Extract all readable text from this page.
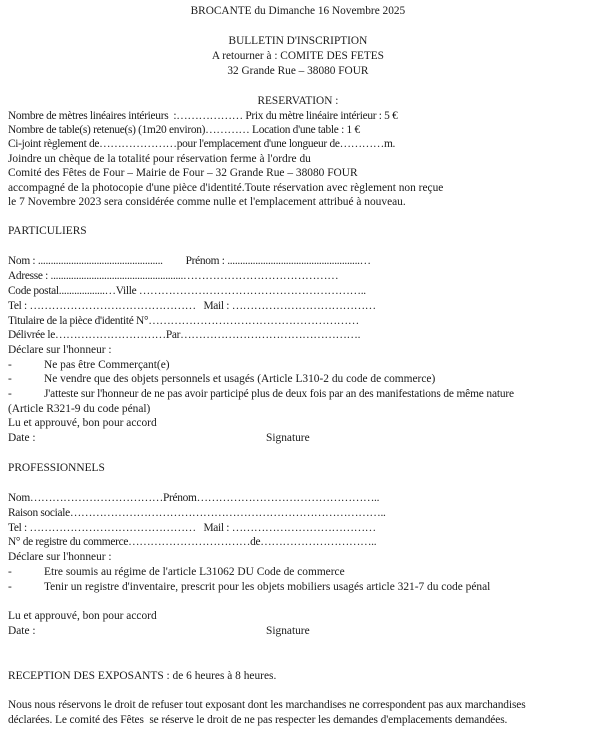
BROCANTE du Dimanche 16 Novembre 2025
BULLETIN D'INSCRIPTION
A retourner à : COMITE DES FETES
32 Grande Rue – 38080 FOUR
RESERVATION :
Nombre de mètres linéaires intérieurs  :……………… Prix du mètre linéaire intérieur : 5 €
Nombre de table(s) retenue(s) (1m20 environ)………… Location d'une table : 1 €
Ci-joint règlement de…………………pour l'emplacement d'une longueur de…………m.
Joindre un chèque de la totalité pour réservation ferme à l'ordre du
Comité des Fêtes de Four – Mairie de Four – 32 Grande Rue – 38080 FOUR
accompagné de la photocopie d'une pièce d'identité.Toute réservation avec règlement non reçue
le 7 Novembre 2023 sera considérée comme nulle et l'emplacement attribué à nouveau.
PARTICULIERS
Nom : .................................................         Prénom : ....................................................…
Adresse : ....................................................……………………………………
Code postal..................…Ville ……………………………………………………..
Tel : ………………………………………   Mail : …………………………………
Titulaire de la pièce d'identité N°…………………………………………………
Délivrée le…………………………Par………………………………………….
Déclare sur l'honneur :
-	Ne pas être Commerçant(e)
-	Ne vendre que des objets personnels et usagés (Article L310-2 du code de commerce)
-	J'atteste sur l'honneur de ne pas avoir participé plus de deux fois par an des manifestations de même nature
(Article R321-9 du code pénal)
Lu et approuvé, bon pour accord
Date :	Signature
PROFESSIONNELS
Nom………………………………Prénom…………………………………………..
Raison sociale…………………………………………………………………………..
Tel : ………………………………………   Mail : …………………………………
N° de registre du commerce……………………………de…………………………..
Déclare sur l'honneur :
-	Etre soumis au régime de l'article L31062 DU Code de commerce
-	Tenir un registre d'inventaire, prescrit pour les objets mobiliers usagés article 321-7 du code pénal
Lu et approuvé, bon pour accord
Date :	Signature
RECEPTION DES EXPOSANTS : de 6 heures à 8 heures.
Nous nous réservons le droit de refuser tout exposant dont les marchandises ne correspondent pas aux marchandises
déclarées. Le comité des Fêtes  se réserve le droit de ne pas respecter les demandes d'emplacements demandées.
